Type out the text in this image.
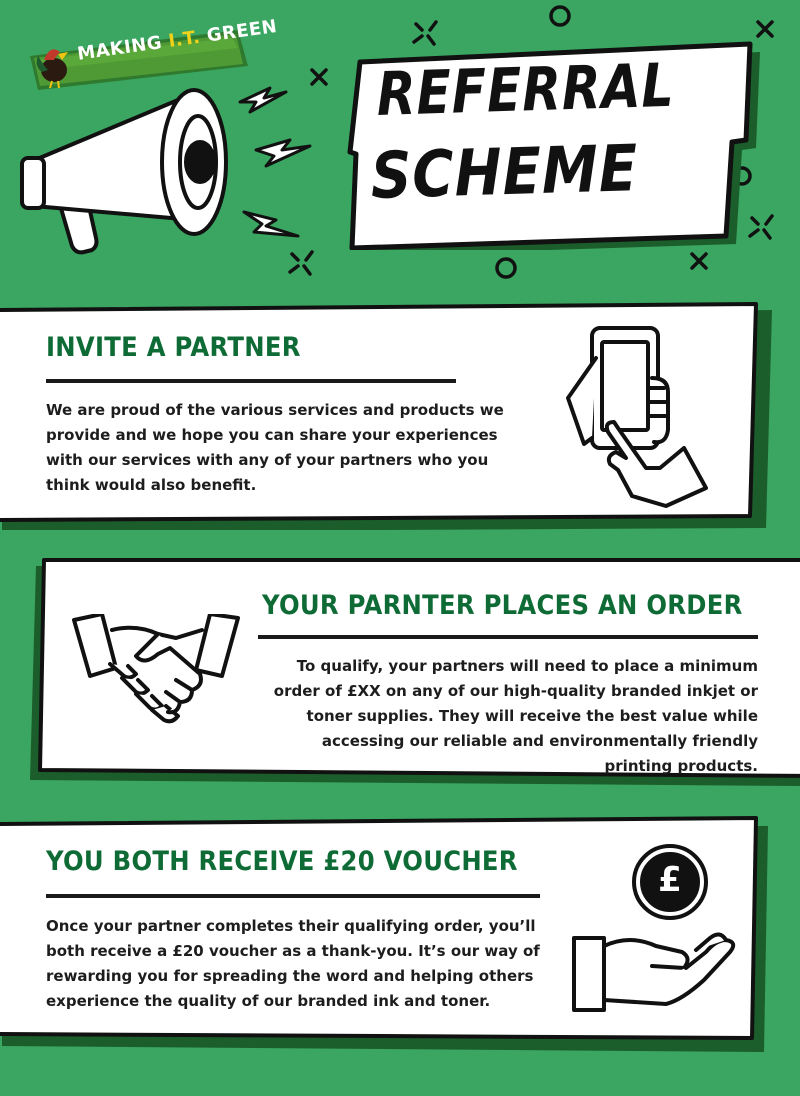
MAKING I.T. GREEN
REFERRAL
SCHEME
INVITE A PARTNER
We are proud of the various services and products we provide and we hope you can share your experiences with our services with any of your partners who you think would also benefit.
YOUR PARNTER PLACES AN ORDER
To qualify, your partners will need to place a minimum order of £XX on any of our high-quality branded inkjet or toner supplies. They will receive the best value while accessing our reliable and environmentally friendly printing products.
YOU BOTH RECEIVE £20 VOUCHER
Once your partner completes their qualifying order, you’ll both receive a £20 voucher as a thank-you. It’s our way of rewarding you for spreading the word and helping others experience the quality of our branded ink and toner.
£
